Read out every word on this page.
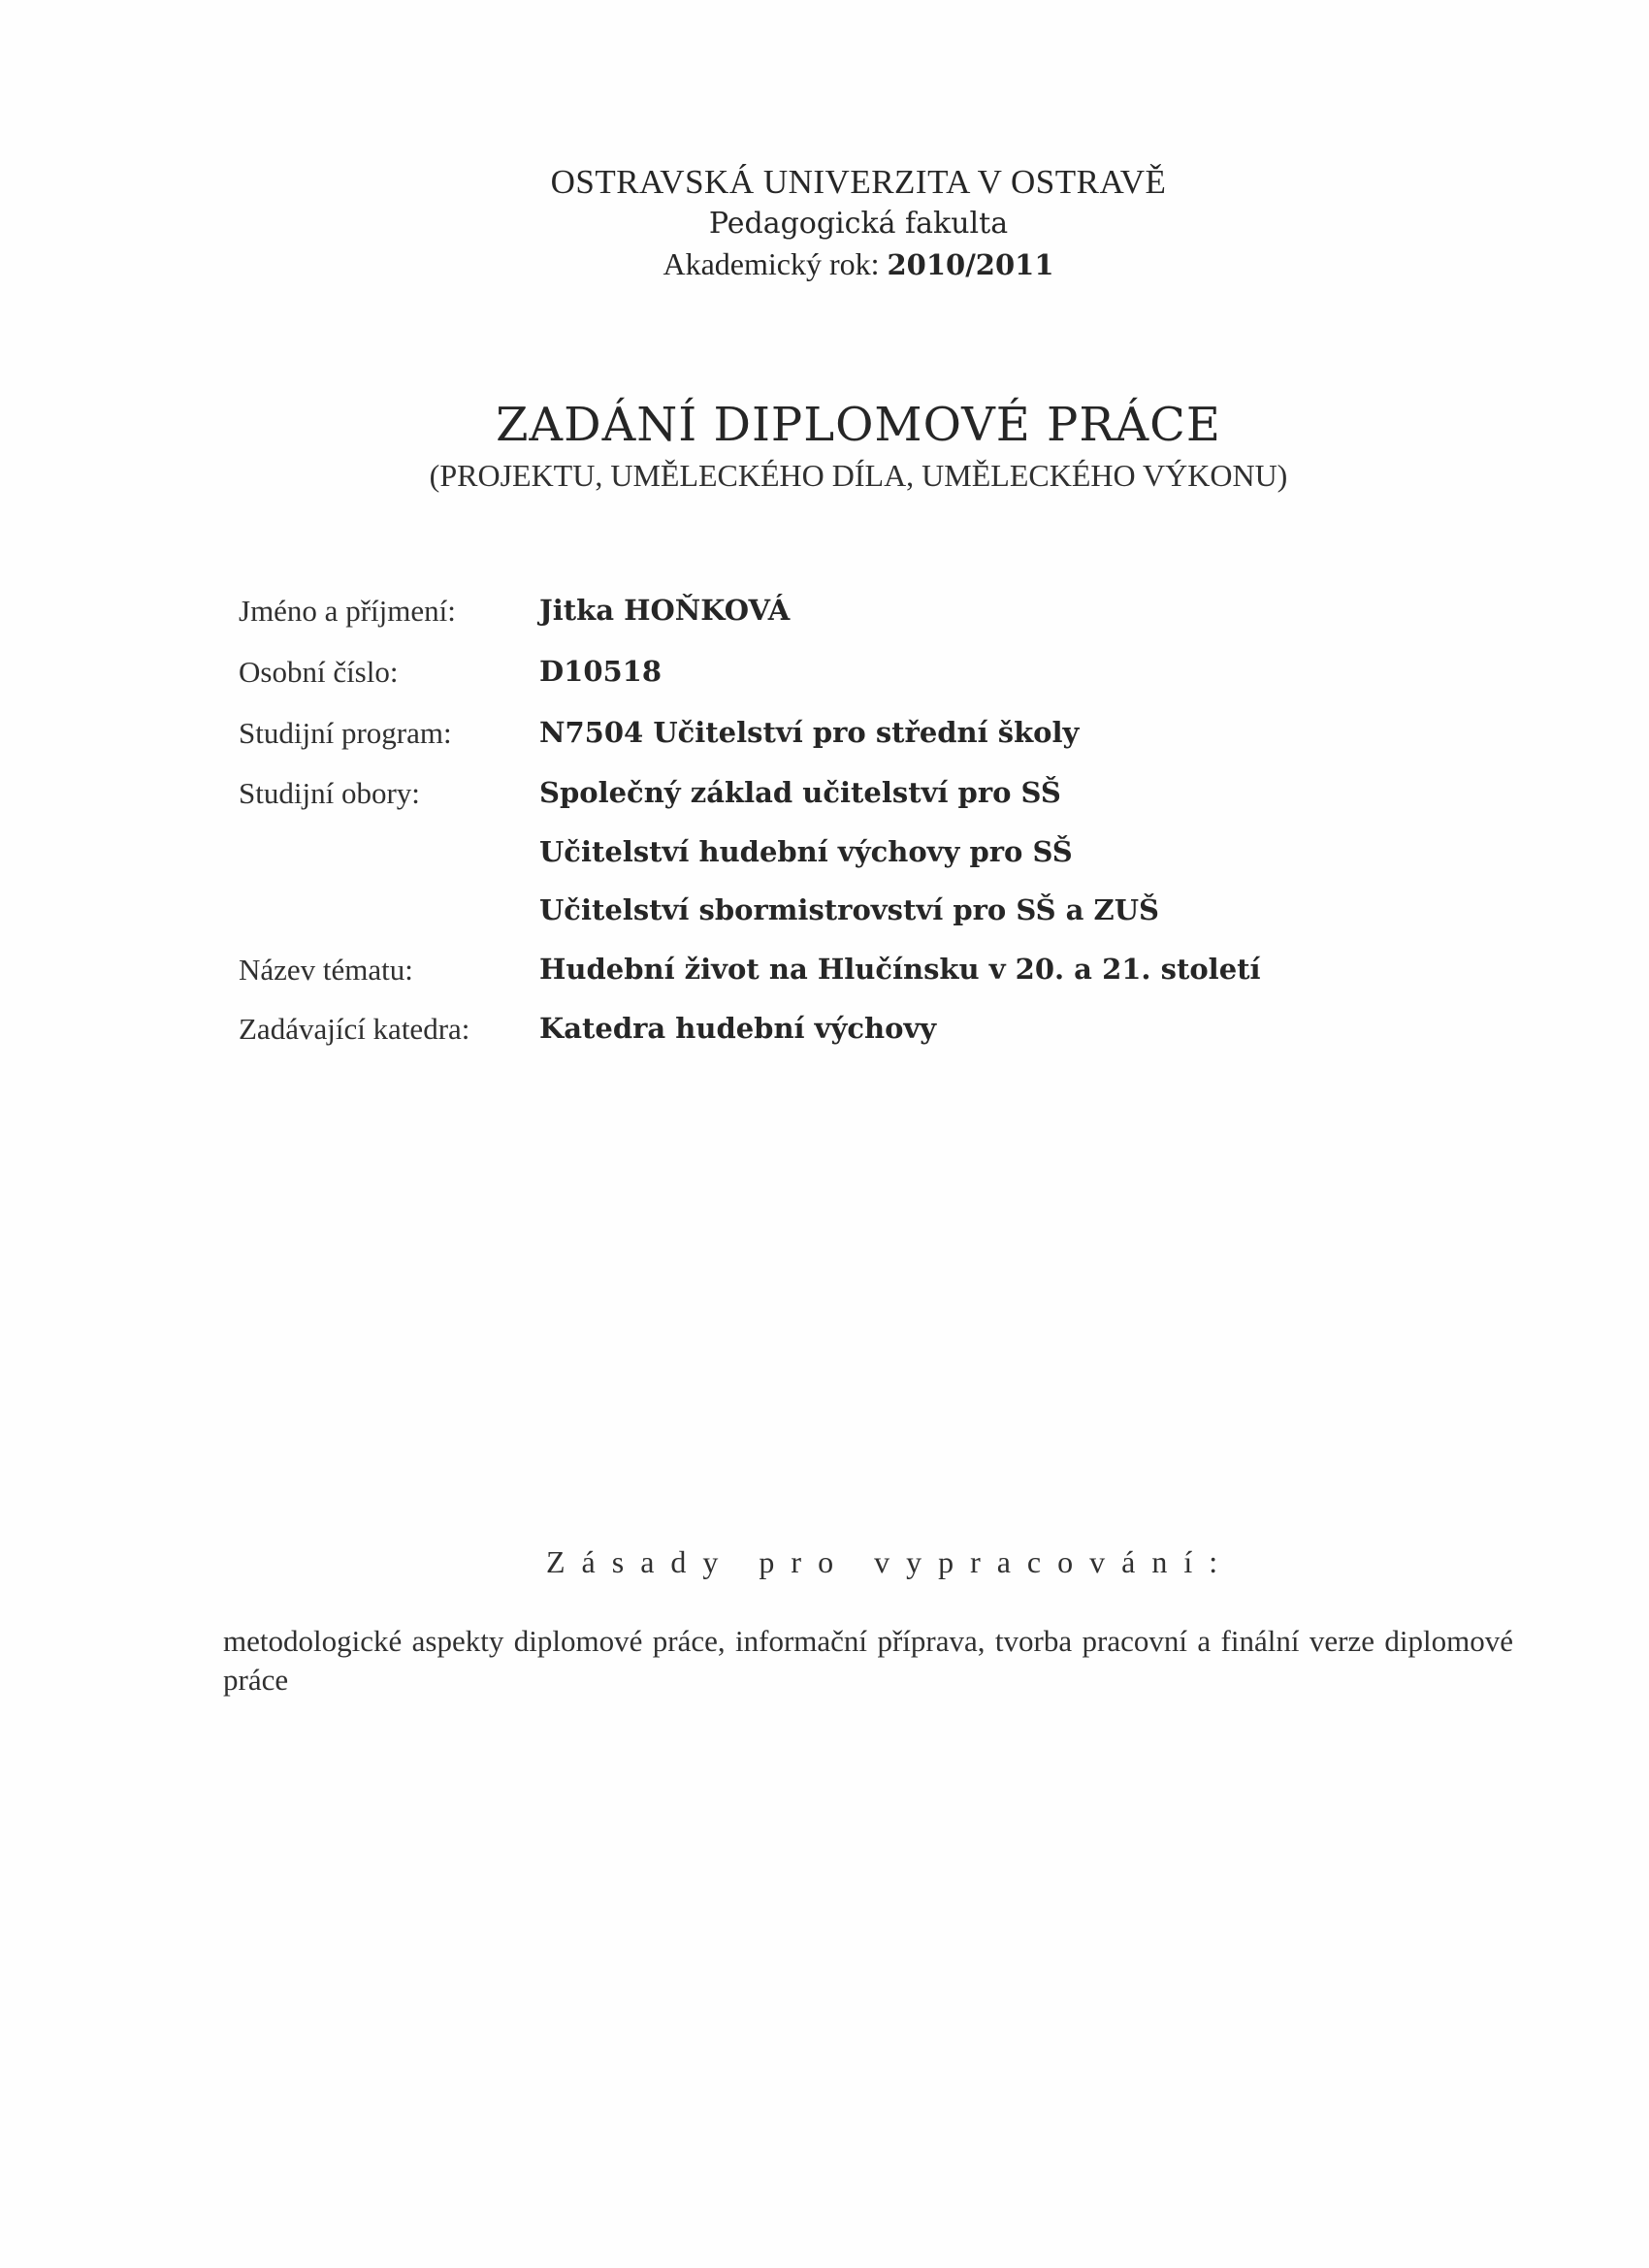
OSTRAVSKÁ UNIVERZITA V OSTRAVĚ
Pedagogická fakulta
Akademický rok: 2010/2011
ZADÁNÍ DIPLOMOVÉ PRÁCE
(PROJEKTU, UMĚLECKÉHO DÍLA, UMĚLECKÉHO VÝKONU)
Jméno a příjmení:	Jitka HOŇKOVÁ
Osobní číslo:	D10518
Studijní program:	N7504 Učitelství pro střední školy
Studijní obory:	Společný základ učitelství pro SŠ
Učitelství hudební výchovy pro SŠ
Učitelství sbormistrovství pro SŠ a ZUŠ
Název tématu:	Hudební život na Hlučínsku v 20. a 21. století
Zadávající katedra: Katedra hudební výchovy
Zásady pro vypracování:
metodologické aspekty diplomové práce, informační příprava, tvorba pracovní a finální verze diplomové práce
